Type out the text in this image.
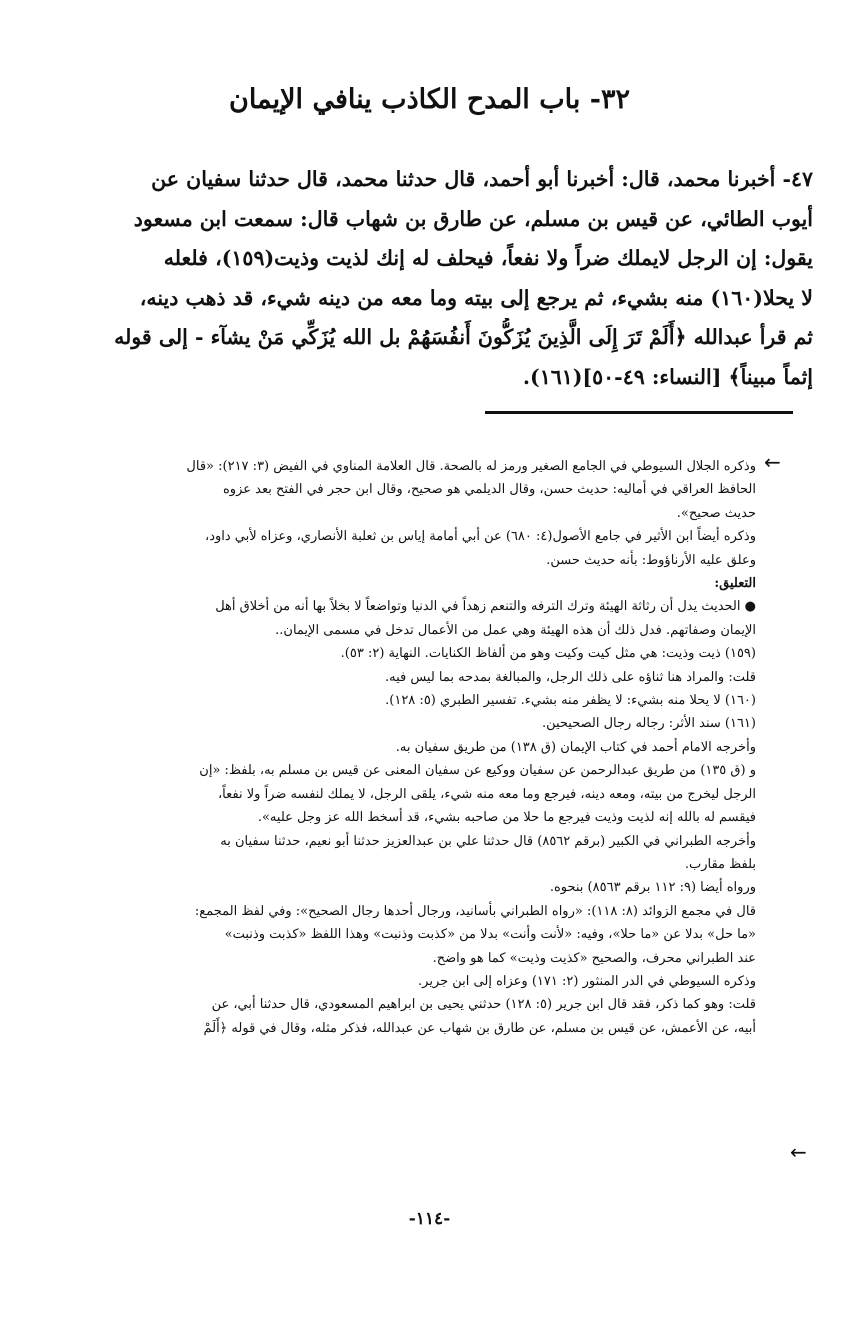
٣٢- باب المدح الكاذب ينافي الإيمان
٤٧- أخبرنا محمد، قال: أخبرنا أبو أحمد، قال حدثنا محمد، قال حدثنا سفيان عن
أيوب الطائي، عن قيس بن مسلم، عن طارق بن شهاب قال: سمعت ابن مسعود
يقول: إن الرجل لايملك ضراً ولا نفعاً، فيحلف له إنك لذيت وذيت(١٥٩)، فلعله
لا يحلا(١٦٠) منه بشيء، ثم يرجع إلى بيته وما معه من دينه شيء، قد ذهب دينه،
ثم قرأ عبدالله ﴿أَلَمْ تَرَ إِلَى الَّذِينَ يُزَكُّونَ أَنفُسَهُمْ بل الله يُزَكِّي مَنْ يشآء - إلى قوله
إثماً مبيناً﴾ [النساء: ٤٩-٥٠](١٦١).
←
وذكره الجلال السيوطي في الجامع الصغير ورمز له بالصحة. قال العلامة المناوي في الفيض (٣: ٢١٧): «قال
الحافظ العراقي في أماليه: حديث حسن، وقال الديلمي هو صحيح، وقال ابن حجر في الفتح بعد عزوه
حديث صحيح».
وذكره أيضاً ابن الأثير في جامع الأصول(٤: ٦٨٠) عن أبي أمامة إياس بن ثعلبة الأنصاري، وعزاه لأبي داود،
وعلق عليه الأرناؤوط: بأنه حديث حسن.
التعليق:
● الحديث يدل أن رثاثة الهيئة وترك الترفه والتنعم زهداً في الدنيا وتواضعاً لا بخلاً بها أنه من أخلاق أهل
الإيمان وصفاتهم. فدل ذلك أن هذه الهيئة وهي عمل من الأعمال تدخل في مسمى الإيمان..
(١٥٩) ذيت وذيت: هي مثل كيت وكيت وهو من ألفاظ الكنايات. النهاية (٢: ٥٣).
قلت: والمراد هنا ثناؤه على ذلك الرجل، والمبالغة بمدحه بما ليس فيه.
(١٦٠) لا يحلا منه بشيء: لا يظفر منه بشيء. تفسير الطبري (٥: ١٢٨).
(١٦١) سند الأثر: رجاله رجال الصحيحين.
وأخرجه الامام أحمد في كتاب الإيمان (ق ١٣٨) من طريق سفيان به.
و (ق ١٣٥) من طريق عبدالرحمن عن سفيان ووكيع عن سفيان المعنى عن قيس بن مسلم به، بلفظ: «إن
الرجل ليخرج من بيته، ومعه دينه، فيرجع وما معه منه شيء، يلقى الرجل، لا يملك لنفسه ضراً ولا نفعاً،
فيقسم له بالله إنه لذيت وذيت فيرجع ما حلا من صاحبه بشيء، قد أسخط الله عز وجل عليه».
وأخرجه الطبراني في الكبير (برقم ٨٥٦٢) قال حدثنا علي بن عبدالعزيز حدثنا أبو نعيم، حدثنا سفيان به
بلفظ مقارب.
ورواه أيضا (٩: ١١٢ برقم ٨٥٦٣) بنحوه.
قال في مجمع الزوائد (٨: ١١٨): «رواه الطبراني بأسانيد، ورجال أحدها رجال الصحيح»: وفي لفظ المجمع:
«ما حل» بدلا عن «ما حلا»، وفيه: «لأنت وأنت» بدلا من «كذبت وذنبت» وهذا اللفظ «كذبت وذنبت»
عند الطبراني محرف، والصحيح «كذيت وذيت» كما هو واضح.
وذكره السيوطي في الدر المنثور (٢: ١٧١) وعزاه إلى ابن جرير.
قلت: وهو كما ذكر، فقد قال ابن جرير (٥: ١٢٨) حدثني يحيى بن ابراهيم المسعودي، قال حدثنا أبي، عن
أبيه، عن الأعمش، عن قيس بن مسلم، عن طارق بن شهاب عن عبدالله، فذكر مثله، وقال في قوله ﴿أَلَمْ
←
-١١٤-
